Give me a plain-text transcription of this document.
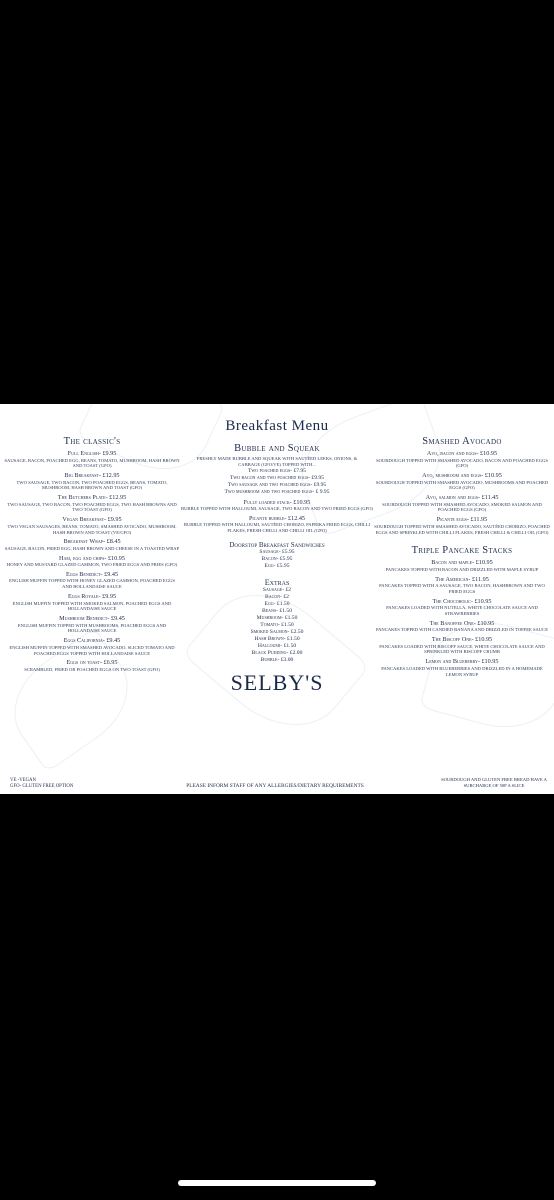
The classic's
Full English- £9.95
SAUSAGE, BACON, POACHED EGG, BEANS, TOMATO, MUSHROOM, HASH BROWN AND TOAST (GFO)
Big Breakfast- £12.95
TWO SAUSAGE, TWO BACON, TWO POACHED EGGS, BEANS, TOMATO, MUSHROOM, HASH BROWN AND TOAST (GFO)
The Butchers Plate- £12.95
TWO SAUSAGE, TWO BACON, TWO POACHED EGGS, TWO HASH BROWNS AND TWO TOAST (GFO)
Vegan Breakfast- £9.95
TWO VEGAN SAUSAGES, BEANS, TOMATO, SMASHED AVOCADO, MUSHROOM, HASH BROWN AND TOAST (VE/GFO)
Breakfast Wrap- £8.45
SAUSAGE, BACON, FRIED EGG, HASH BROWN AND CHEESE IN A TOASTED WRAP
Ham, egg and chips- £10.95
HONEY AND MUSTARD GLAZED GAMMON, TWO FRIED EGGS AND FRIES (GFO)
Eggs Benedict- £9.45
ENGLISH MUFFIN TOPPED WITH HONEY GLAZED GAMMON, POACHED EGGS AND HOLLANDAISE SAUCE
Eggs Royale- £9.95
ENGLISH MUFFIN TOPPED WITH SMOKED SALMON, POACHED EGGS AND HOLLANDAISE SAUCE
Mushroom Benedict- £9.45
ENGLISH MUFFIN TOPPED WITH MUSHROOMS, POACHED EGGS AND HOLLANDAISE SAUCE
Eggs California- £9.45
ENGLISH MUFFIN TOPPED WITH SMASHED AVOCADO, SLICED TOMATO AND POACHED EGGS TOPPED WITH HOLLANDAISE SAUCE
Eggs on toast- £6.95
SCRAMBLED, FRIED OR POACHED EGGS ON TWO TOAST (GFO)
Breakfast Menu
Bubble and Squeak
FRESHLY MADE BUBBLE AND SQUEAK WITH SAUTÉED LEEKS, ONIONS, & CABBAGE (GFO/VE) TOPPED WITH...
Two poached eggs- £7.95
Two bacon and two poached eggs- £9.95
Two sausage and two poached eggs- £9.95
Two mushroom and two poached eggs- £ 9.95
Fully loaded stack- £10.95
BUBBLE TOPPED WITH HALLOUMI, SAUSAGE, TWO BACON AND TWO FRIED EGGS (GFO)
Picante bubble- £12.45
BUBBLE TOPPED WITH HALLOUMI, SAUTÉED CHORIZO, PAPRIKA FRIED EGGS, CHILLI FLAKES, FRESH CHILLI AND CHILLI OIL (GFO)
Doorstop Breakfast Sandwiches
Sausage- £5.95
Bacon- £5.95
Egg- £5.95
Extras
Sausage- £2
Bacon- £2
Egg- £1.50
Beans- £1.50
Mushroom- £1.50
Tomato- £1.50
Smoked Salmon- £2.50
Hash Brown- £1.50
Halloumi- £1.50
Black Pudding- £2.00
Bubble- £3.00
SELBY'S
Smashed Avocado
Avo, bacon and eggs- £10.95
SOURDOUGH TOPPED WITH SMASHED AVOCADO, BACON AND POACHED EGGS (GFO)
Avo, mushroom and eggs- £10.95
SOURDOUGH TOPPED WITH SMASHED AVOCADO, MUSHROOMS AND POACHED EGGS (GFO)
Avo, salmon and eggs- £11.45
SOURDOUGH TOPPED WITH SMASHED AVOCADO, SMOKED SALMON AND POACHED EGGS (GFO)
Picante eggs- £11.95
SOURDOUGH TOPPED WITH SMASHED AVOCADO, SAUTÉED CHORIZO, POACHED EGGS AND SPRINKLED WITH CHILLI FLAKES, FRESH CHILLI & CHILLI OIL (GFO)
Triple Pancake Stacks
Bacon and maple- £10.95
PANCAKES TOPPED WITH BACON AND DRIZZLED WITH MAPLE SYRUP
The American- £11.95
PANCAKES TOPPED WITH A SAUSAGE, TWO BACON, HASHBROWN AND TWO FRIED EGGS
The Chocoholic- £10.95
PANCAKES LOADED WITH NUTELLA, WHITE CHOCOLATE SAUCE AND STRAWBERRIES
The Banoffee One- £10.95
PANCAKES TOPPED WITH CANDIED BANANA AND DRIZZLED IN TOFFEE SAUCE
The Biscoff One- £10.95
PANCAKES LOADED WITH BISCOFF SAUCE, WHITE CHOCOLATE SAUCE AND SPRINKLED WITH BISCOFF CRUMB
Lemon and Blueberry- £10.95
PANCAKES LOADED WITH BLUEBERRIES AND DRIZZLED IN A HOMEMADE LEMON SYRUP
VE -VEGAN
GFO- GLUTEN FREE OPTION	PLEASE INFORM STAFF OF ANY ALLERGIES/DIETARY REQUIREMENTS
SOURDOUGH AND GLUTEN FREE BREAD HAVE A SURCHARGE OF 50P A SLICE
